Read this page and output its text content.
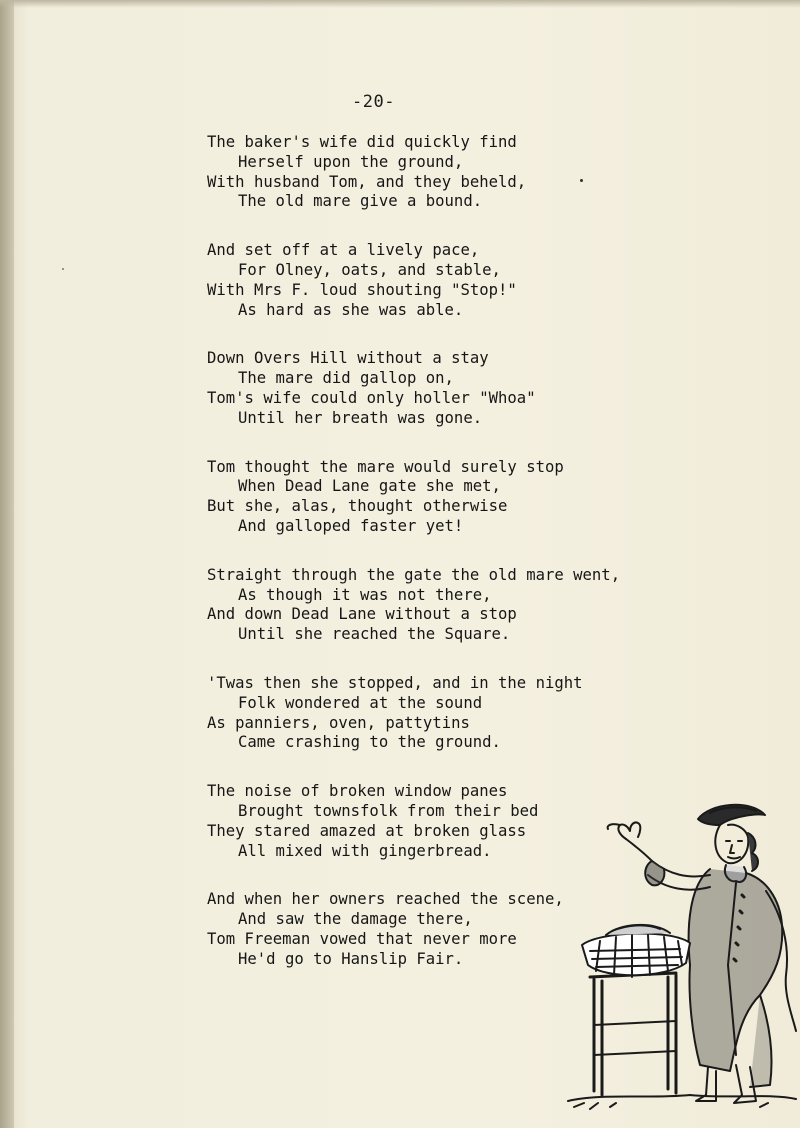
-20-
The baker's wife did quickly find
Herself upon the ground,
With husband Tom, and they beheld,
The old mare give a bound.
And set off at a lively pace,
For Olney, oats, and stable,
With Mrs F. loud shouting "Stop!"
As hard as she was able.
Down Overs Hill without a stay
The mare did gallop on,
Tom's wife could only holler "Whoa"
Until her breath was gone.
Tom thought the mare would surely stop
When Dead Lane gate she met,
But she, alas, thought otherwise
And galloped faster yet!
Straight through the gate the old mare went,
As though it was not there,
And down Dead Lane without a stop
Until she reached the Square.
'Twas then she stopped, and in the night
Folk wondered at the sound
As panniers, oven, pattytins
Came crashing to the ground.
The noise of broken window panes
Brought townsfolk from their bed
They stared amazed at broken glass
All mixed with gingerbread.
And when her owners reached the scene,
And saw the damage there,
Tom Freeman vowed that never more
He'd go to Hanslip Fair.
